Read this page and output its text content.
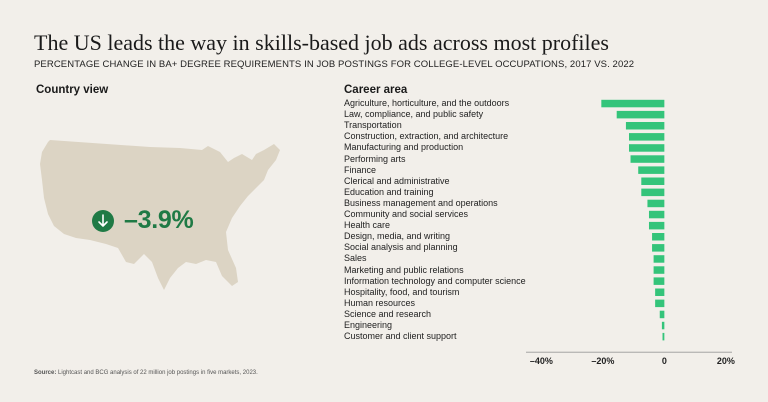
The US leads the way in skills-based job ads across most profiles
PERCENTAGE CHANGE IN BA+ DEGREE REQUIREMENTS IN JOB POSTINGS FOR COLLEGE-LEVEL OCCUPATIONS, 2017 VS. 2022
Country view
–3.9%
Career area
Agriculture, horticulture, and the outdoors
Law, compliance, and public safety
Transportation
Construction, extraction, and architecture
Manufacturing and production
Performing arts
Finance
Clerical and administrative
Education and training
Business management and operations
Community and social services
Health care
Design, media, and writing
Social analysis and planning
Sales
Marketing and public relations
Information technology and computer science
Hospitality, food, and tourism
Human resources
Science and research
Engineering
Customer and client support
–40%	–20%	0	20%
Source: Lightcast and BCG analysis of 22 million job postings in five markets, 2023.
